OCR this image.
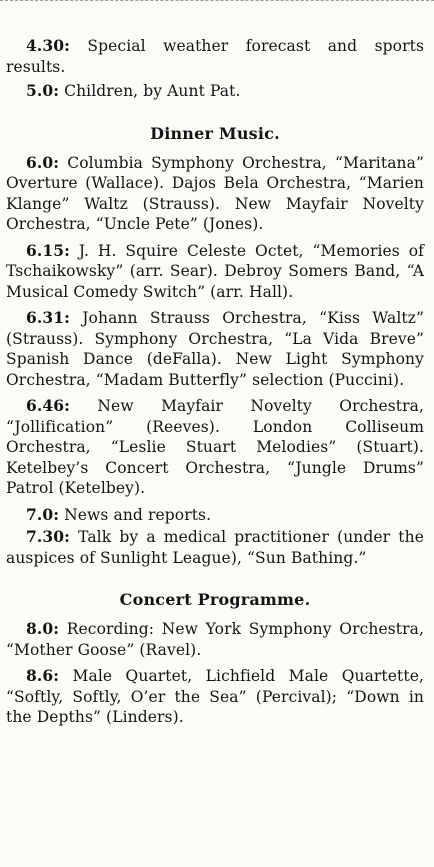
4.30: Special weather forecast and sports results.

5.0: Children, by Aunt Pat.

Dinner Music.

6.0: Columbia Symphony Orchestra, “Maritana” Overture (Wallace). Dajos Bela Orchestra, “Marien Klange” Waltz (Strauss). New Mayfair Novelty Orchestra, “Uncle Pete” (Jones).

6.15: J. H. Squire Celeste Octet, “Memories of Tschaikowsky” (arr. Sear). Debroy Somers Band, “A Musical Comedy Switch” (arr. Hall).

6.31: Johann Strauss Orchestra, “Kiss Waltz” (Strauss). Symphony Orchestra, “La Vida Breve” Spanish Dance (deFalla). New Light Symphony Orchestra, “Madam Butterfly” selection (Puccini).

6.46: New Mayfair Novelty Orchestra, “Jollification” (Reeves). London Colliseum Orchestra, “Leslie Stuart Melodies” (Stuart). Ketelbey’s Concert Orchestra, “Jungle Drums” Patrol (Ketelbey).

7.0: News and reports.

7.30: Talk by a medical practitioner (under the auspices of Sunlight League), “Sun Bathing.”

Concert Programme.

8.0: Recording: New York Symphony Orchestra, “Mother Goose” (Ravel).

8.6: Male Quartet, Lichfield Male Quartette, “Softly, Softly, O’er the Sea” (Percival); “Down in the Depths” (Linders).
